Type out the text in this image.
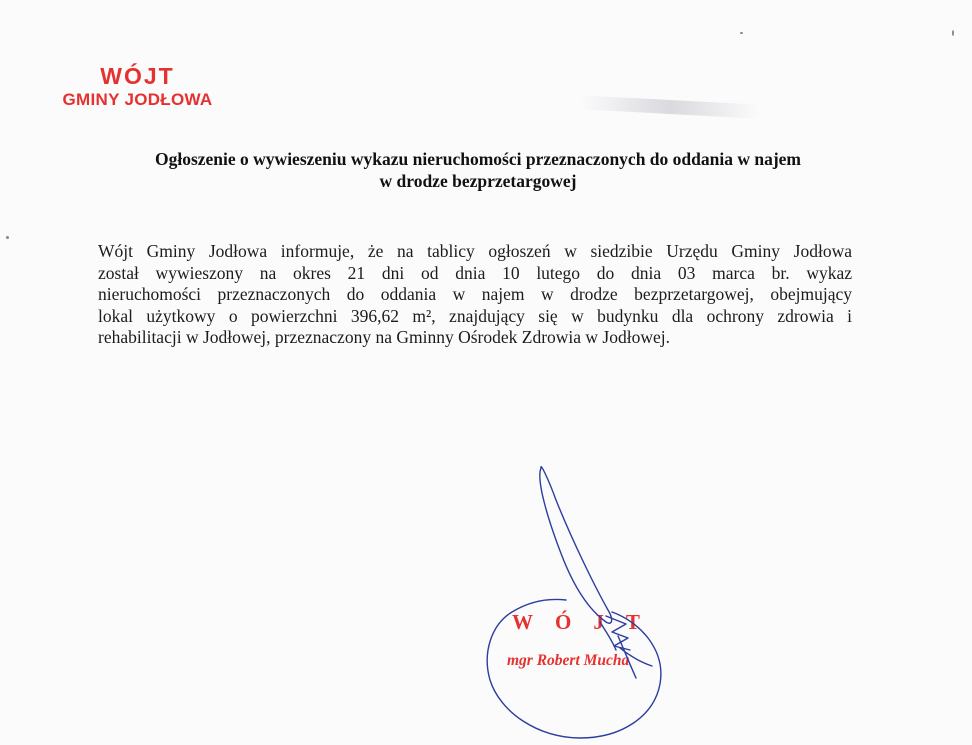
WÓJT
GMINY JODŁOWA
Ogłoszenie o wywieszeniu wykazu nieruchomości przeznaczonych do oddania w najem
w drodze bezprzetargowej
Wójt Gminy Jodłowa informuje, że na tablicy ogłoszeń w siedzibie Urzędu Gminy Jodłowa
został wywieszony na okres 21 dni od dnia 10 lutego do dnia 03 marca br. wykaz
nieruchomości przeznaczonych do oddania w najem w drodze bezprzetargowej, obejmujący
lokal użytkowy o powierzchni 396,62 m², znajdujący się w budynku dla ochrony zdrowia i
rehabilitacji w Jodłowej, przeznaczony na Gminny Ośrodek Zdrowia w Jodłowej.
WÓJT
mgr Robert Mucha
